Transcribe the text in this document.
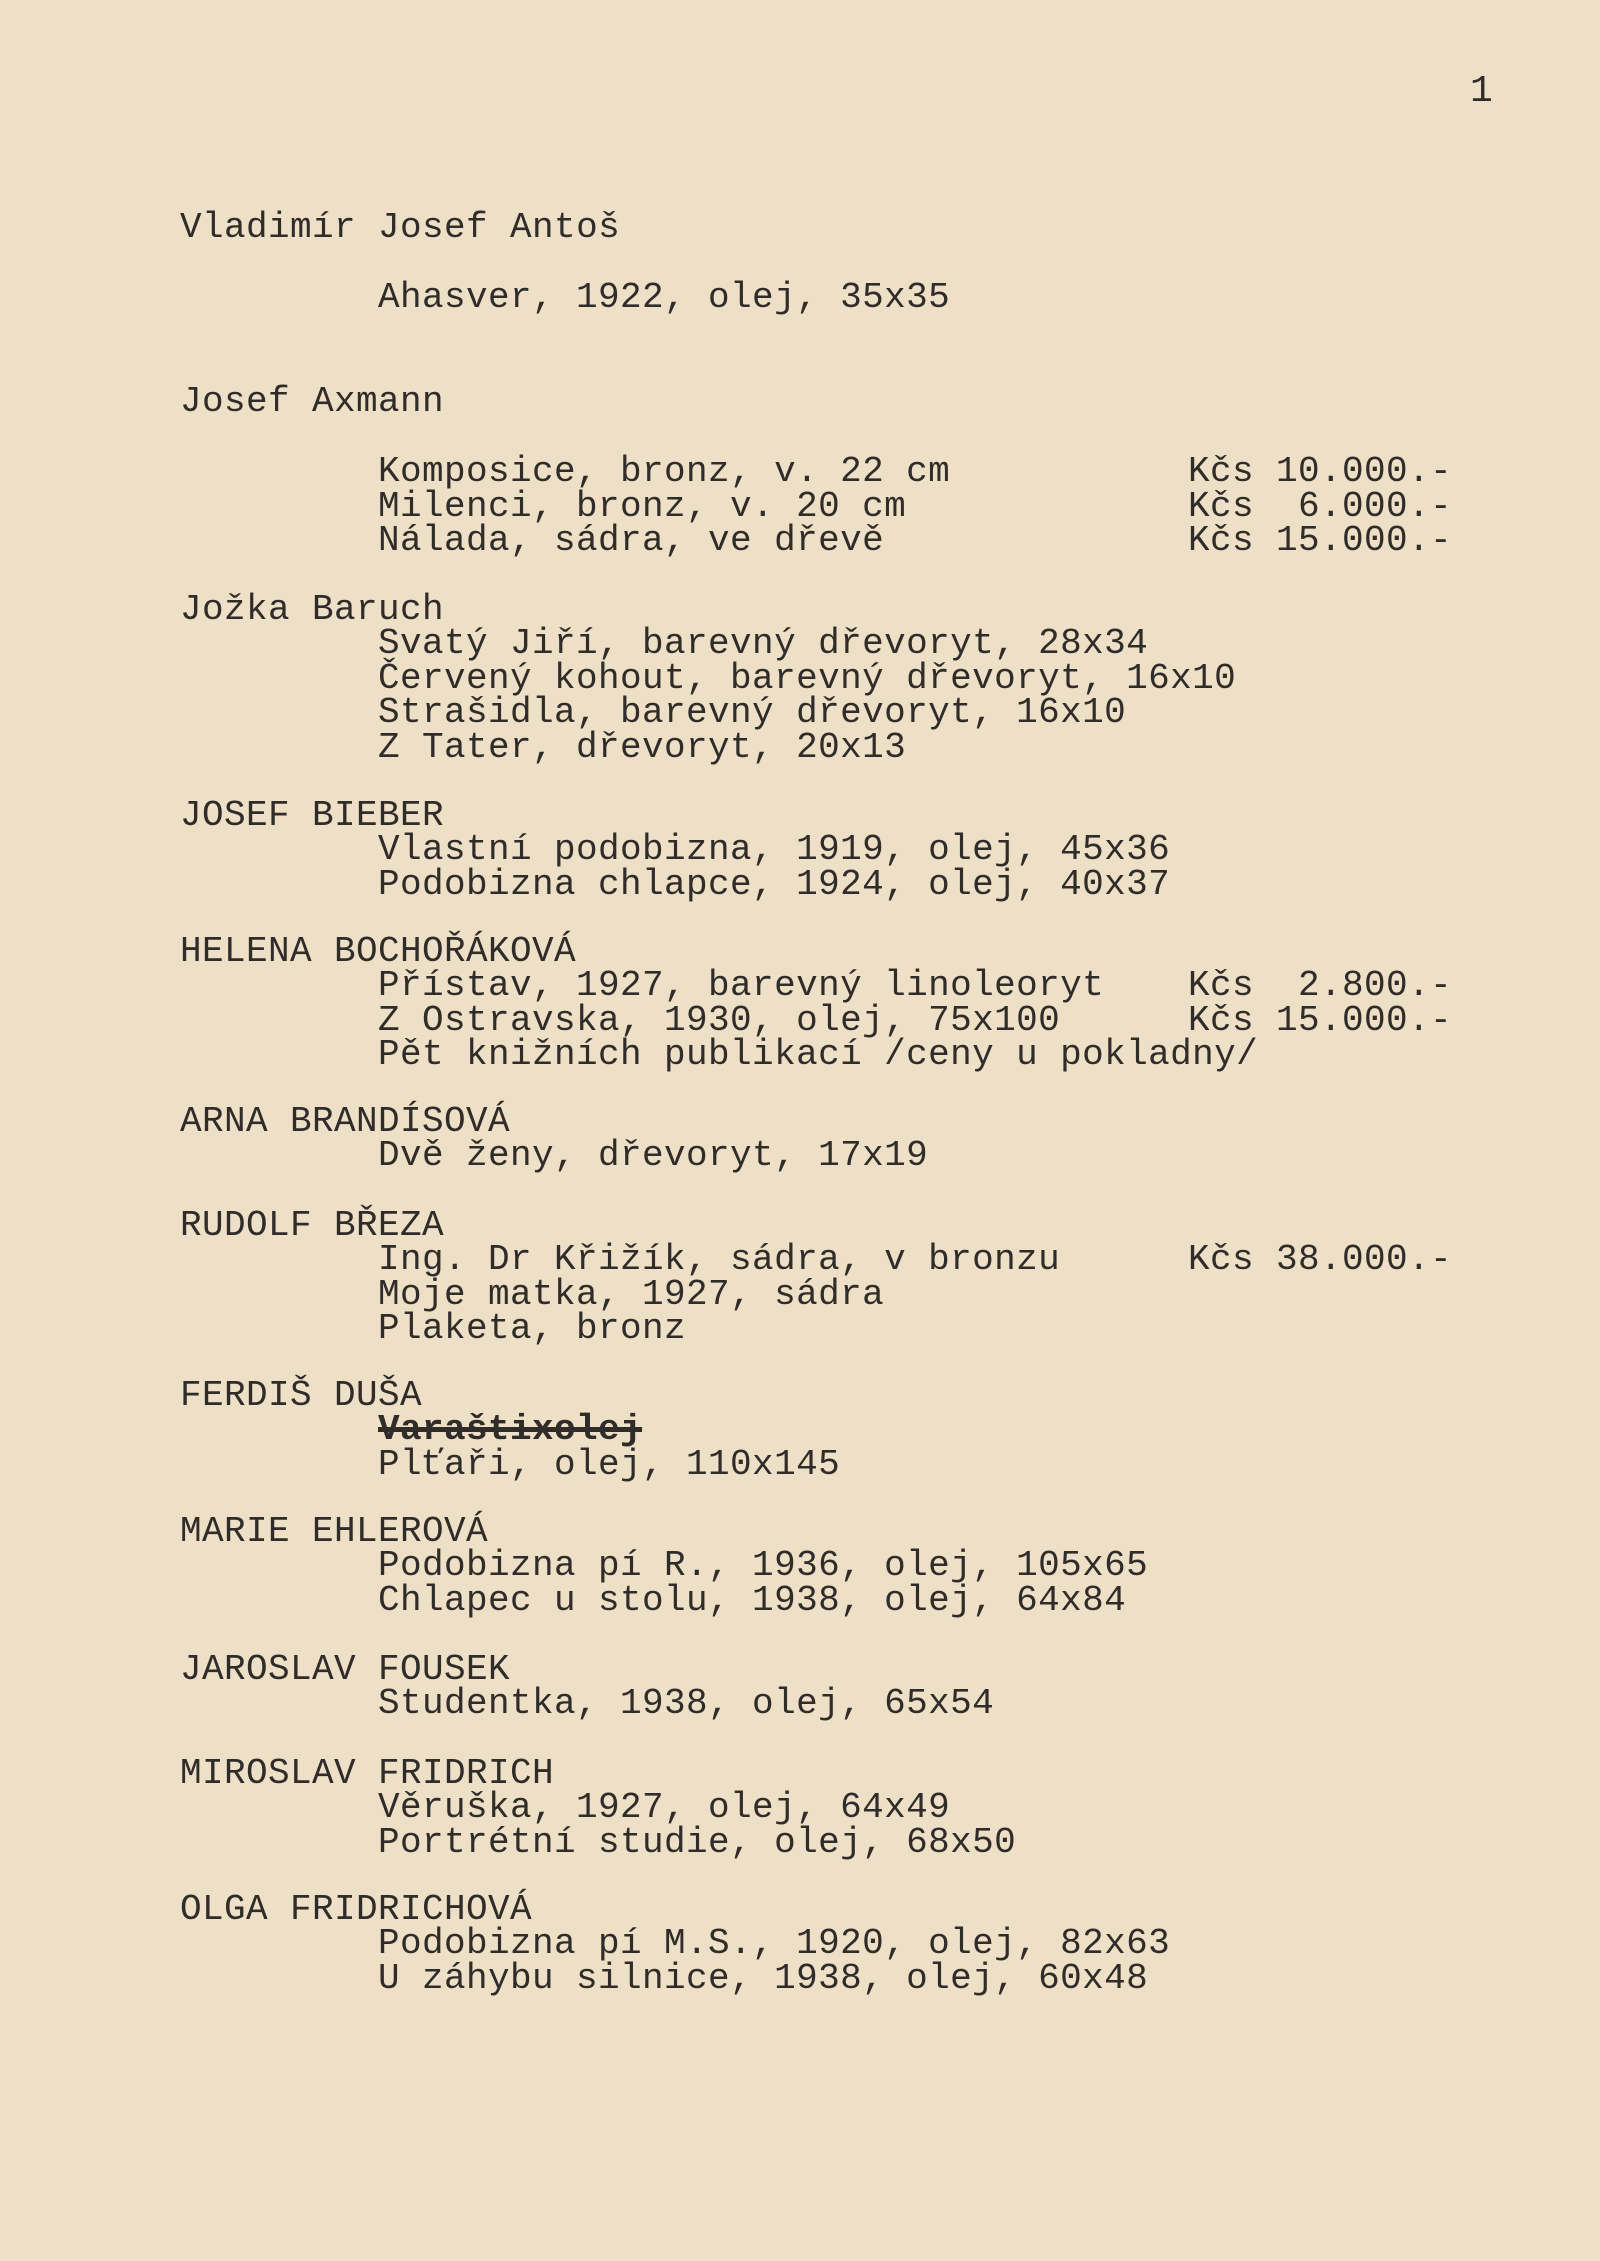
1
Vladimír Josef Antoš
Ahasver, 1922, olej, 35x35
Josef Axmann
Komposice, bronz, v. 22 cm	Kčs 10.000.-
Milenci, bronz, v. 20 cm	Kčs  6.000.-
Nálada, sádra, ve dřevě	Kčs 15.000.-
Jožka Baruch
Svatý Jiří, barevný dřevoryt, 28x34
Červený kohout, barevný dřevoryt, 16x10
Strašidla, barevný dřevoryt, 16x10
Z Tater, dřevoryt, 20x13
JOSEF BIEBER
Vlastní podobizna, 1919, olej, 45x36
Podobizna chlapce, 1924, olej, 40x37
HELENA BOCHOŘÁKOVÁ
Přístav, 1927, barevný linoleoryt Kčs  2.800.-
Z Ostravska, 1930, olej, 75x100	Kčs 15.000.-
Pět knižních publikací /ceny u pokladny/
ARNA BRANDÍSOVÁ
Dvě ženy, dřevoryt, 17x19
RUDOLF BŘEZA
Ing. Dr Křižík, sádra, v bronzu	Kčs 38.000.-
Moje matka, 1927, sádra
Plaketa, bronz
FERDIŠ DUŠA
Varaštixolej
Plťaři, olej, 110x145
MARIE EHLEROVÁ
Podobizna pí R., 1936, olej, 105x65
Chlapec u stolu, 1938, olej, 64x84
JAROSLAV FOUSEK
Studentka, 1938, olej, 65x54
MIROSLAV FRIDRICH
Věruška, 1927, olej, 64x49
Portrétní studie, olej, 68x50
OLGA FRIDRICHOVÁ
Podobizna pí M.S., 1920, olej, 82x63
U záhybu silnice, 1938, olej, 60x48
